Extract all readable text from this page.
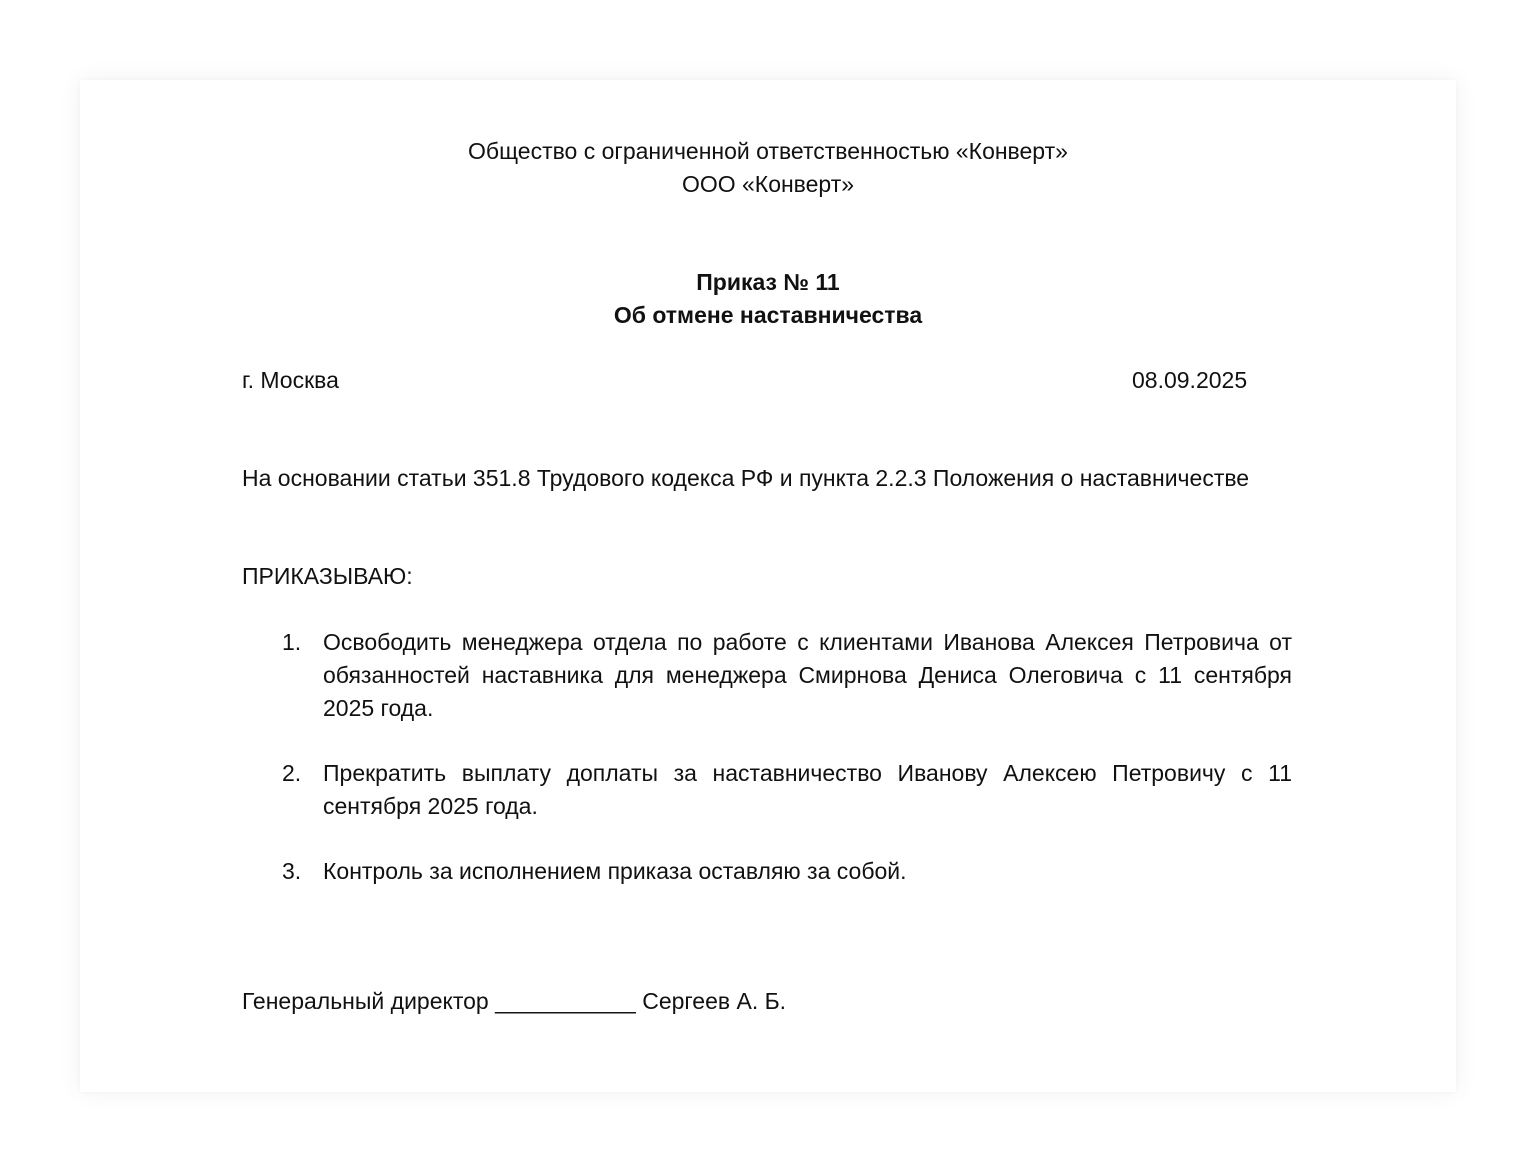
Общество с ограниченной ответственностью «Конверт»
ООО «Конверт»
Приказ № 11
Об отмене наставничества
г. Москва	08.09.2025
На основании статьи 351.8 Трудового кодекса РФ и пункта 2.2.3 Положения о наставничестве
ПРИКАЗЫВАЮ:
1. Освободить менеджера отдела по работе с клиентами Иванова Алексея Петровича от обязанностей наставника для менеджера Смирнова Дениса Олеговича с 11 сентября 2025 года.
2. Прекратить выплату доплаты за наставничество Иванову Алексею Петровичу с 11 сентября 2025 года.
3. Контроль за исполнением приказа оставляю за собой.
Генеральный директор ___________ Сергеев А. Б.
